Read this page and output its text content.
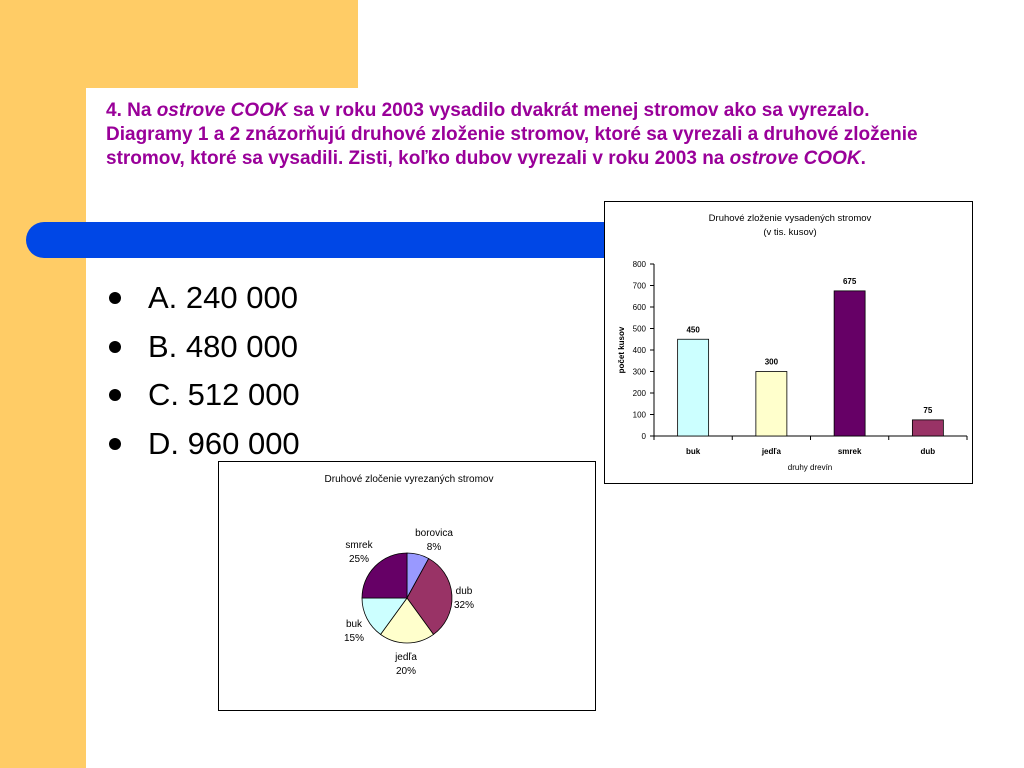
4. Na ostrove COOK sa v roku 2003 vysadilo dvakrát menej stromov ako sa vyrezalo. Diagramy 1 a 2 znázorňujú druhové zloženie stromov, ktoré sa vyrezali a druhové zloženie stromov, ktoré sa vysadili. Zisti, koľko dubov vyrezali v roku 2003 na ostrove COOK.

A. 240 000
B. 480 000
C. 512 000
D. 960 000
Druhové zloženie vysadených stromov
(v tis. kusov)
druhy drevín
počet kusov
0
100
200
300
400
500
600
700
800
450
buk
300
jedľa
675
smrek
75
dub
Druhové zločenie vyrezaných stromov
borovica
8%
dub
32%
jedľa
20%
buk
15%
smrek
25%
